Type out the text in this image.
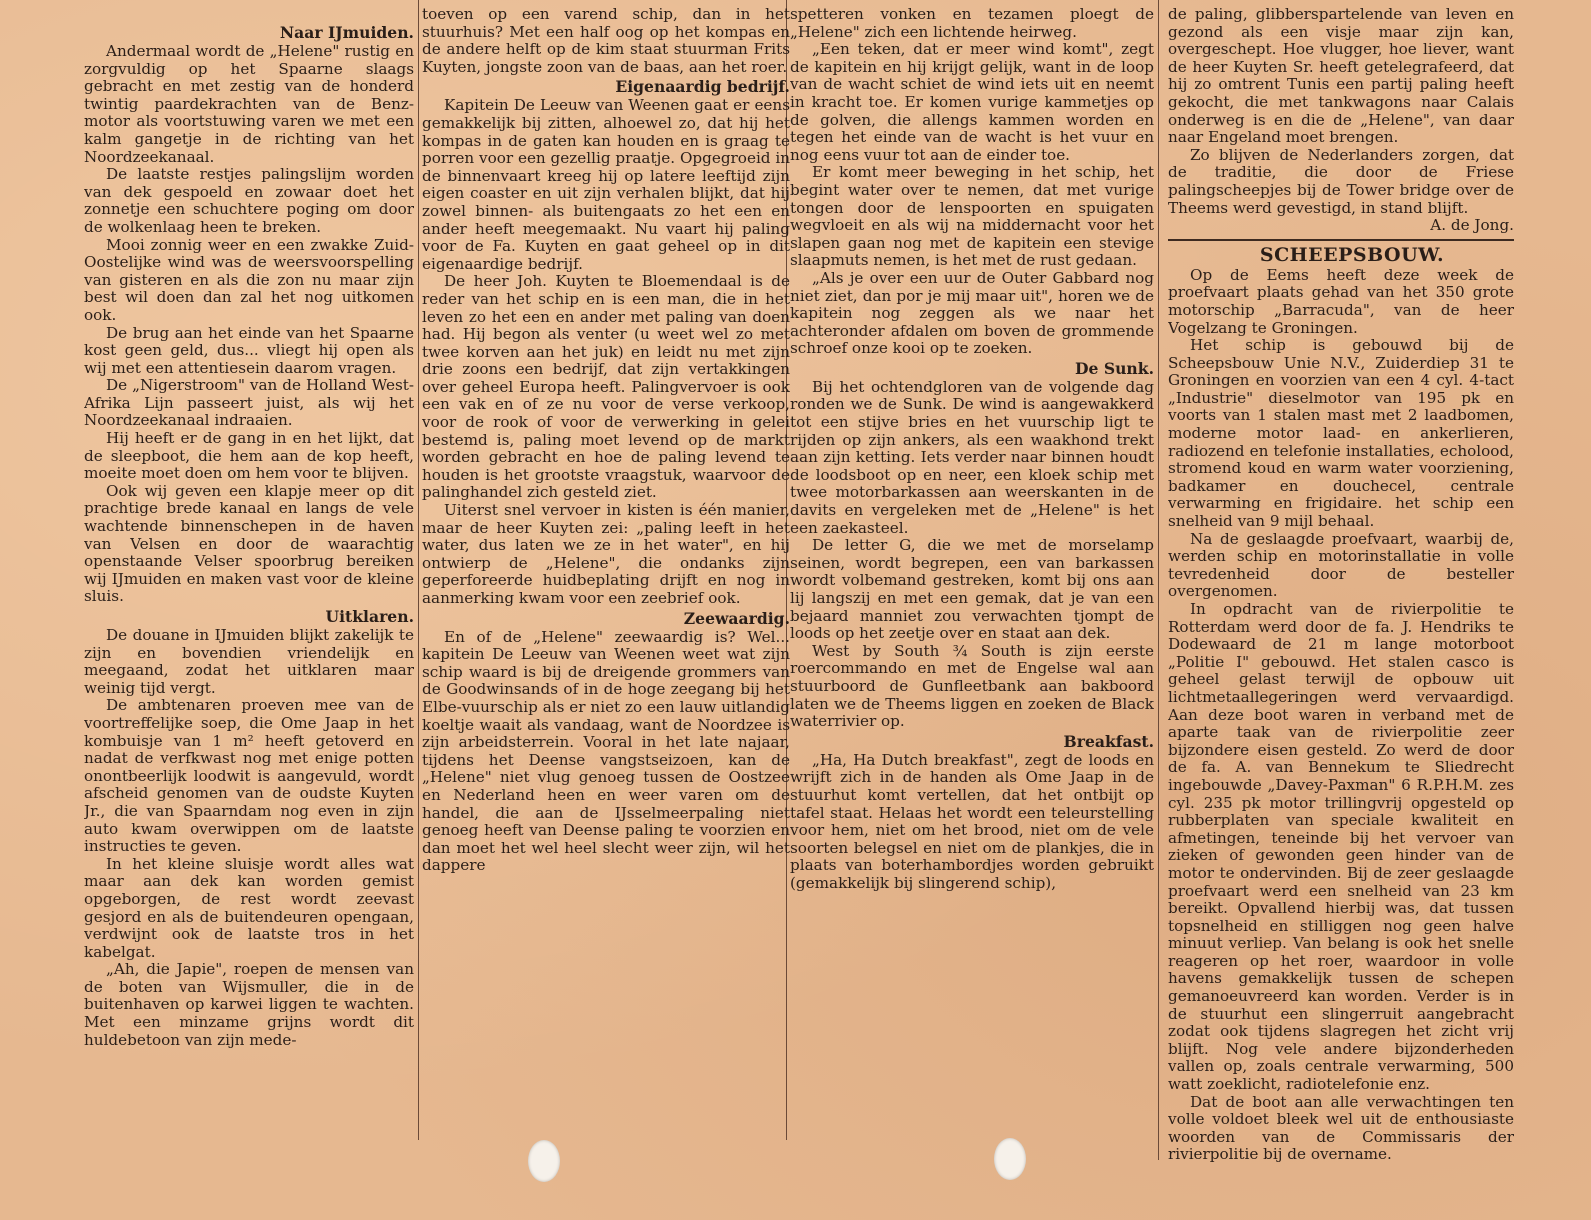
Naar IJmuiden.

Andermaal wordt de „Helene" rustig en zorgvuldig op het Spaarne slaags gebracht en met zestig van de honderd twintig paardekrachten van de Benz-motor als voortstuwing varen we met een kalm gangetje in de richting van het Noordzeekanaal.

De laatste restjes palingslijm worden van dek gespoeld en zowaar doet het zonnetje een schuchtere poging om door de wolkenlaag heen te breken.

Mooi zonnig weer en een zwakke Zuid-Oostelijke wind was de weersvoorspelling van gisteren en als die zon nu maar zijn best wil doen dan zal het nog uitkomen ook.

De brug aan het einde van het Spaarne kost geen geld, dus... vliegt hij open als wij met een attentiesein daarom vragen.

De „Nigerstroom" van de Holland West-Afrika Lijn passeert juist, als wij het Noordzeekanaal indraaien.

Hij heeft er de gang in en het lijkt, dat de sleepboot, die hem aan de kop heeft, moeite moet doen om hem voor te blijven.

Ook wij geven een klapje meer op dit prachtige brede kanaal en langs de vele wachtende binnenschepen in de haven van Velsen en door de waarachtig openstaande Velser spoorbrug bereiken wij IJmuiden en maken vast voor de kleine sluis.

Uitklaren.

De douane in IJmuiden blijkt zakelijk te zijn en bovendien vriendelijk en meegaand, zodat het uitklaren maar weinig tijd vergt.

De ambtenaren proeven mee van de voortreffelijke soep, die Ome Jaap in het kombuisje van 1 m² heeft getoverd en nadat de verfkwast nog met enige potten onontbeerlijk loodwit is aangevuld, wordt afscheid genomen van de oudste Kuyten Jr., die van Spaarndam nog even in zijn auto kwam overwippen om de laatste instructies te geven.

In het kleine sluisje wordt alles wat maar aan dek kan worden gemist opgeborgen, de rest wordt zeevast gesjord en als de buitendeuren opengaan, verdwijnt ook de laatste tros in het kabelgat.

„Ah, die Japie", roepen de mensen van de boten van Wijsmuller, die in de buitenhaven op karwei liggen te wachten. Met een minzame grijns wordt dit huldebetoon van zijn mede-

toeven op een varend schip, dan in het stuurhuis? Met een half oog op het kompas en de andere helft op de kim staat stuurman Frits Kuyten, jongste zoon van de baas, aan het roer.

Eigenaardig bedrijf.

Kapitein De Leeuw van Weenen gaat er eens gemakkelijk bij zitten, alhoewel zo, dat hij het kompas in de gaten kan houden en is graag te porren voor een gezellig praatje. Opgegroeid in de binnenvaart kreeg hij op latere leeftijd zijn eigen coaster en uit zijn verhalen blijkt, dat hij zowel binnen- als buitengaats zo het een en ander heeft meegemaakt. Nu vaart hij paling voor de Fa. Kuyten en gaat geheel op in dit eigenaardige bedrijf.

De heer Joh. Kuyten te Bloemendaal is de reder van het schip en is een man, die in het leven zo het een en ander met paling van doen had. Hij begon als venter (u weet wel zo met twee korven aan het juk) en leidt nu met zijn drie zoons een bedrijf, dat zijn vertakkingen over geheel Europa heeft. Palingvervoer is ook een vak en of ze nu voor de verse verkoop, voor de rook of voor de verwerking in gelei bestemd is, paling moet levend op de markt worden gebracht en hoe de paling levend te houden is het grootste vraagstuk, waarvoor de palinghandel zich gesteld ziet.

Uiterst snel vervoer in kisten is één manier, maar de heer Kuyten zei: „paling leeft in het water, dus laten we ze in het water", en hij ontwierp de „Helene", die ondanks zijn geperforeerde huidbeplating drijft en nog in aanmerking kwam voor een zeebrief ook.

Zeewaardig.

En of de „Helene" zeewaardig is? Wel... kapitein De Leeuw van Weenen weet wat zijn schip waard is bij de dreigende grommers van de Goodwinsands of in de hoge zeegang bij het Elbe-vuurschip als er niet zo een lauw uitlandig koeltje waait als vandaag, want de Noordzee is zijn arbeidsterrein. Vooral in het late najaar, tijdens het Deense vangstseizoen, kan de „Helene" niet vlug genoeg tussen de Oostzee en Nederland heen en weer varen om de handel, die aan de IJsselmeerpaling niet genoeg heeft van Deense paling te voorzien en dan moet het wel heel slecht weer zijn, wil het dappere

spetteren vonken en tezamen ploegt de „Helene" zich een lichtende heirweg.

„Een teken, dat er meer wind komt", zegt de kapitein en hij krijgt gelijk, want in de loop van de wacht schiet de wind iets uit en neemt in kracht toe. Er komen vurige kammetjes op de golven, die allengs kammen worden en tegen het einde van de wacht is het vuur en nog eens vuur tot aan de einder toe.

Er komt meer beweging in het schip, het begint water over te nemen, dat met vurige tongen door de lenspoorten en spuigaten wegvloeit en als wij na middernacht voor het slapen gaan nog met de kapitein een stevige slaapmuts nemen, is het met de rust gedaan.

„Als je over een uur de Outer Gabbard nog niet ziet, dan por je mij maar uit", horen we de kapitein nog zeggen als we naar het achteronder afdalen om boven de grommende schroef onze kooi op te zoeken.

De Sunk.

Bij het ochtendgloren van de volgende dag ronden we de Sunk. De wind is aangewakkerd tot een stijve bries en het vuurschip ligt te rijden op zijn ankers, als een waakhond trekt aan zijn ketting. Iets verder naar binnen houdt de loodsboot op en neer, een kloek schip met twee motorbarkassen aan weerskanten in de davits en vergeleken met de „Helene" is het een zaekasteel.

De letter G, die we met de morselamp seinen, wordt begrepen, een van barkassen wordt volbemand gestreken, komt bij ons aan lij langszij en met een gemak, dat je van een bejaard manniet zou verwachten tjompt de loods op het zeetje over en staat aan dek.

West by South ¾ South is zijn eerste roercommando en met de Engelse wal aan stuurboord de Gunfleetbank aan bakboord laten we de Theems liggen en zoeken de Black waterrivier op.

Breakfast.

„Ha, Ha Dutch breakfast", zegt de loods en wrijft zich in de handen als Ome Jaap in de stuurhut komt vertellen, dat het ontbijt op tafel staat. Helaas het wordt een teleurstelling voor hem, niet om het brood, niet om de vele soorten belegsel en niet om de plankjes, die in plaats van boterhambordjes worden gebruikt (gemakkelijk bij slingerend schip),

de paling, glibberspartelende van leven en gezond als een visje maar zijn kan, overgeschept. Hoe vlugger, hoe liever, want de heer Kuyten Sr. heeft getelegrafeerd, dat hij zo omtrent Tunis een partij paling heeft gekocht, die met tankwagons naar Calais onderweg is en die de „Helene", van daar naar Engeland moet brengen.

Zo blijven de Nederlanders zorgen, dat de traditie, die door de Friese palingscheepjes bij de Tower bridge over de Theems werd gevestigd, in stand blijft.

A. de Jong.

SCHEEPSBOUW.

Op de Eems heeft deze week de proefvaart plaats gehad van het 350 grote motorschip „Barracuda", van de heer Vogelzang te Groningen.

Het schip is gebouwd bij de Scheepsbouw Unie N.V., Zuiderdiep 31 te Groningen en voorzien van een 4 cyl. 4-tact „Industrie" dieselmotor van 195 pk en voorts van 1 stalen mast met 2 laadbomen, moderne motor laad- en ankerlieren, radiozend en telefonie installaties, echolood, stromend koud en warm water voorziening, badkamer en douchecel, centrale verwarming en frigidaire. het schip een snelheid van 9 mijl behaal.

Na de geslaagde proefvaart, waarbij de, werden schip en motorinstallatie in volle tevredenheid door de besteller overgenomen.

In opdracht van de rivierpolitie te Rotterdam werd door de fa. J. Hendriks te Dodewaard de 21 m lange motorboot „Politie I" gebouwd. Het stalen casco is geheel gelast terwijl de opbouw uit lichtmetaallegeringen werd vervaardigd. Aan deze boot waren in verband met de aparte taak van de rivierpolitie zeer bijzondere eisen gesteld. Zo werd de door de fa. A. van Bennekum te Sliedrecht ingebouwde „Davey-Paxman" 6 R.P.H.M. zes cyl. 235 pk motor trillingvrij opgesteld op rubberplaten van speciale kwaliteit en afmetingen, teneinde bij het vervoer van zieken of gewonden geen hinder van de motor te ondervinden. Bij de zeer geslaagde proefvaart werd een snelheid van 23 km bereikt. Opvallend hierbij was, dat tussen topsnelheid en stilliggen nog geen halve minuut verliep. Van belang is ook het snelle reageren op het roer, waardoor in volle havens gemakkelijk tussen de schepen gemanoeuvreerd kan worden. Verder is in de stuurhut een slingerruit aangebracht zodat ook tijdens slagregen het zicht vrij blijft. Nog vele andere bijzonderheden vallen op, zoals centrale verwarming, 500 watt zoeklicht, radiotelefonie enz.

Dat de boot aan alle verwachtingen ten volle voldoet bleek wel uit de enthousiaste woorden van de Commissaris der rivierpolitie bij de overname.
